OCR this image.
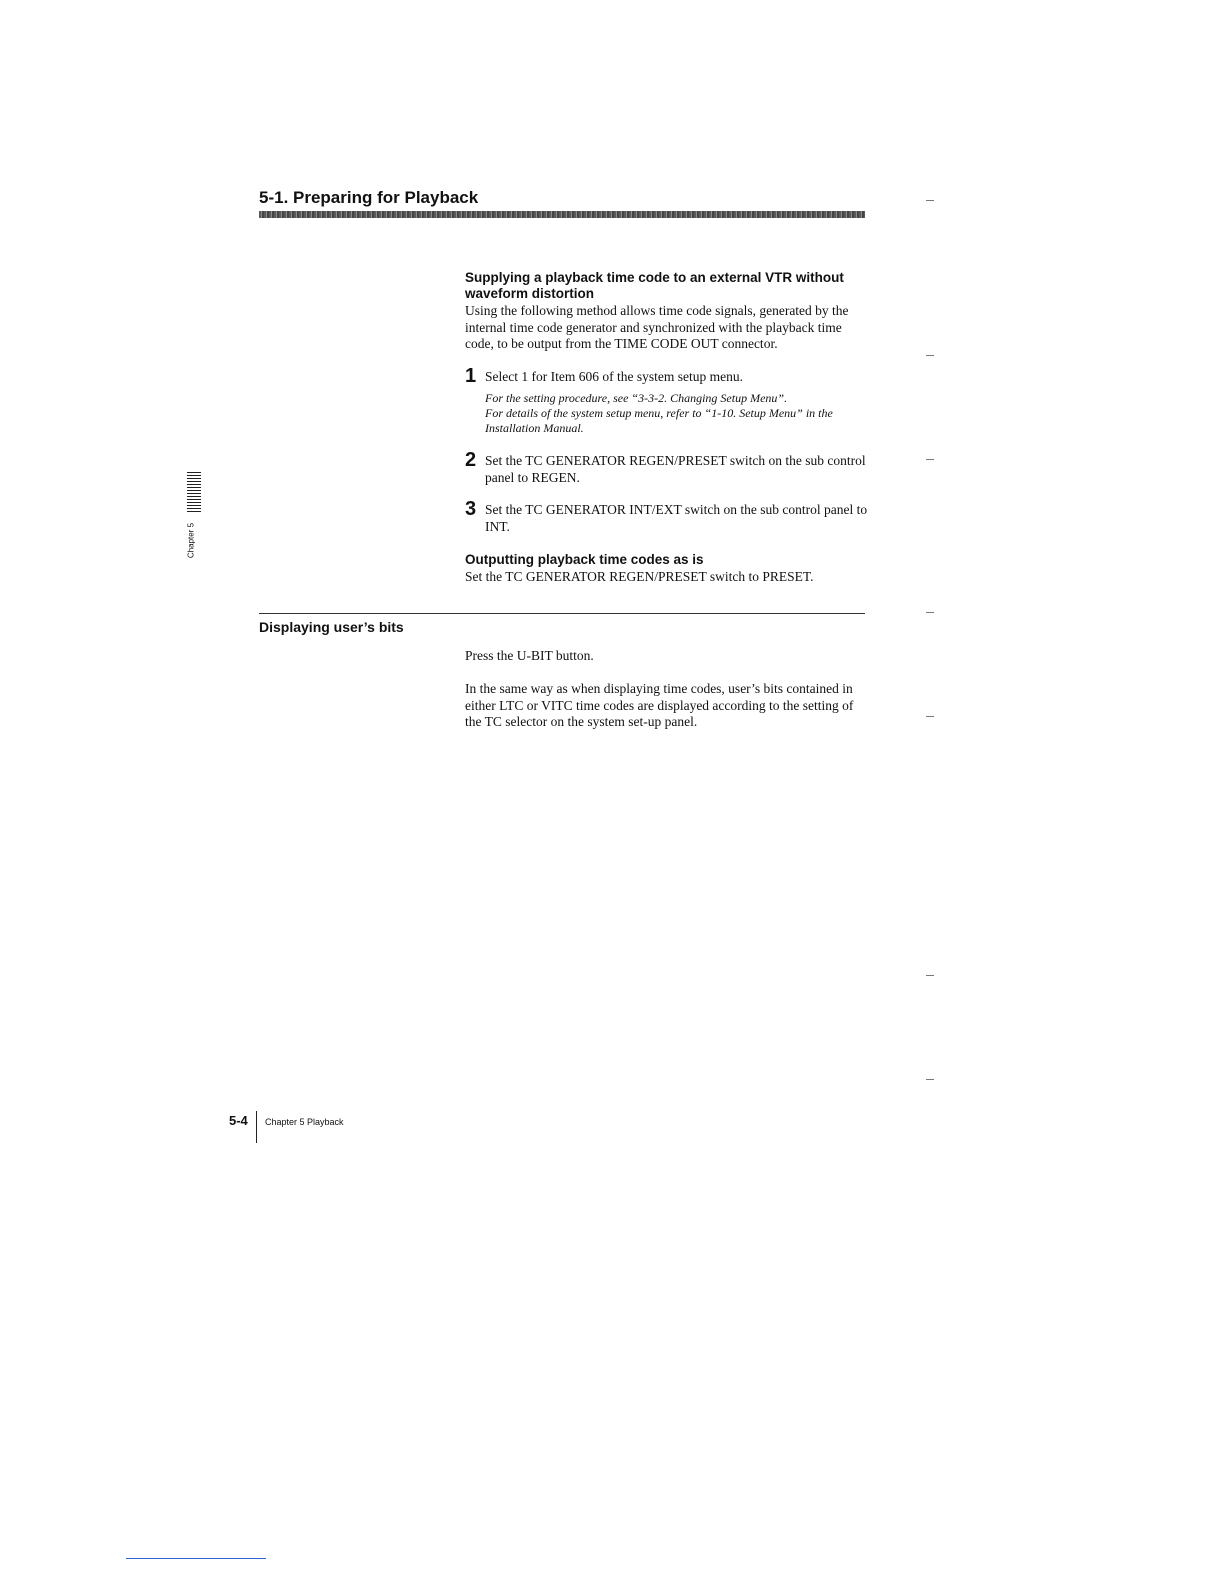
5-1. Preparing for Playback
Chapter 5
Supplying a playback time code to an external VTR without waveform distortion

Using the following method allows time code signals, generated by the internal time code generator and synchronized with the playback time code, to be output from the TIME CODE OUT connector.

1 Select 1 for Item 606 of the system setup menu.

For the setting procedure, see “3-3-2. Changing Setup Menu”.

For details of the system setup menu, refer to “1-10. Setup Menu” in the Installation Manual.

2 Set the TC GENERATOR REGEN/PRESET switch on the sub control panel to REGEN.

3 Set the TC GENERATOR INT/EXT switch on the sub control panel to INT.

Outputting playback time codes as is

Set the TC GENERATOR REGEN/PRESET switch to PRESET.

Displaying user’s bits

Press the U-BIT button.

In the same way as when displaying time codes, user’s bits contained in either LTC or VITC time codes are displayed according to the setting of the TC selector on the system set-up panel.

5-4 Chapter 5 Playback
